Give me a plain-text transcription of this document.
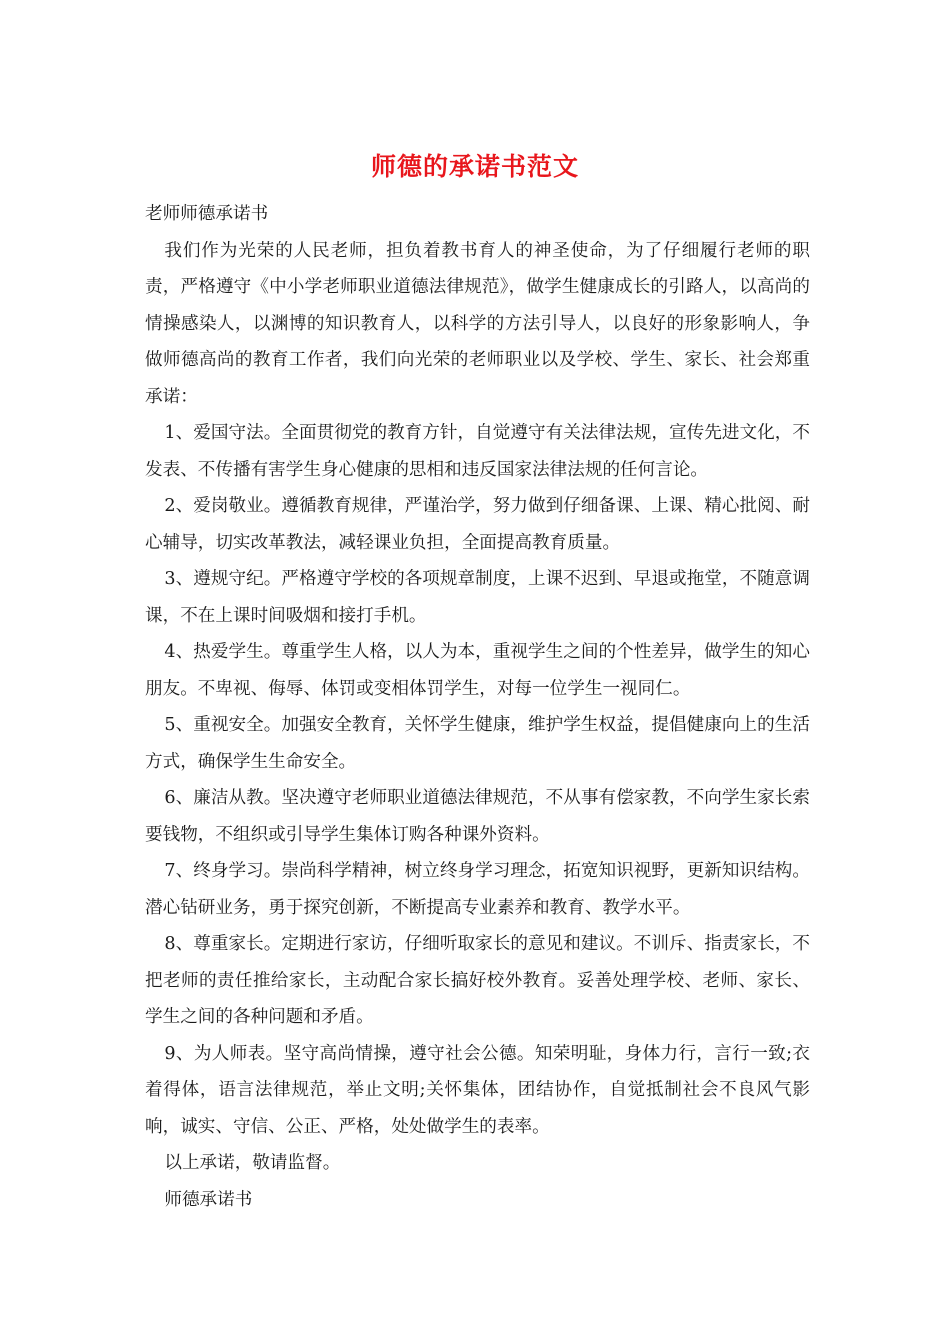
师德的承诺书范文

老师师德承诺书

我们作为光荣的人民老师，担负着教书育人的神圣使命，为了仔细履行老师的职责，严格遵守《中小学老师职业道德法律规范》，做学生健康成长的引路人，以高尚的情操感染人，以渊博的知识教育人，以科学的方法引导人，以良好的形象影响人，争做师德高尚的教育工作者，我们向光荣的老师职业以及学校、学生、家长、社会郑重承诺：

1、爱国守法。全面贯彻党的教育方针，自觉遵守有关法律法规，宣传先进文化，不发表、不传播有害学生身心健康的思相和违反国家法律法规的任何言论。

2、爱岗敬业。遵循教育规律，严谨治学，努力做到仔细备课、上课、精心批阅、耐心辅导，切实改革教法，减轻课业负担，全面提高教育质量。

3、遵规守纪。严格遵守学校的各项规章制度，上课不迟到、早退或拖堂，不随意调课，不在上课时间吸烟和接打手机。

4、热爱学生。尊重学生人格，以人为本，重视学生之间的个性差异，做学生的知心朋友。不卑视、侮辱、体罚或变相体罚学生，对每一位学生一视同仁。

5、重视安全。加强安全教育，关怀学生健康，维护学生权益，提倡健康向上的生活方式，确保学生生命安全。

6、廉洁从教。坚决遵守老师职业道德法律规范，不从事有偿家教，不向学生家长索要钱物，不组织或引导学生集体订购各种课外资料。

7、终身学习。崇尚科学精神，树立终身学习理念，拓宽知识视野，更新知识结构。潜心钻研业务，勇于探究创新，不断提高专业素养和教育、教学水平。

8、尊重家长。定期进行家访，仔细听取家长的意见和建议。不训斥、指责家长，不把老师的责任推给家长，主动配合家长搞好校外教育。妥善处理学校、老师、家长、学生之间的各种问题和矛盾。

9、为人师表。坚守高尚情操，遵守社会公德。知荣明耻，身体力行，言行一致;衣着得体，语言法律规范，举止文明;关怀集体，团结协作，自觉抵制社会不良风气影响，诚实、守信、公正、严格，处处做学生的表率。

以上承诺，敬请监督。

师德承诺书
